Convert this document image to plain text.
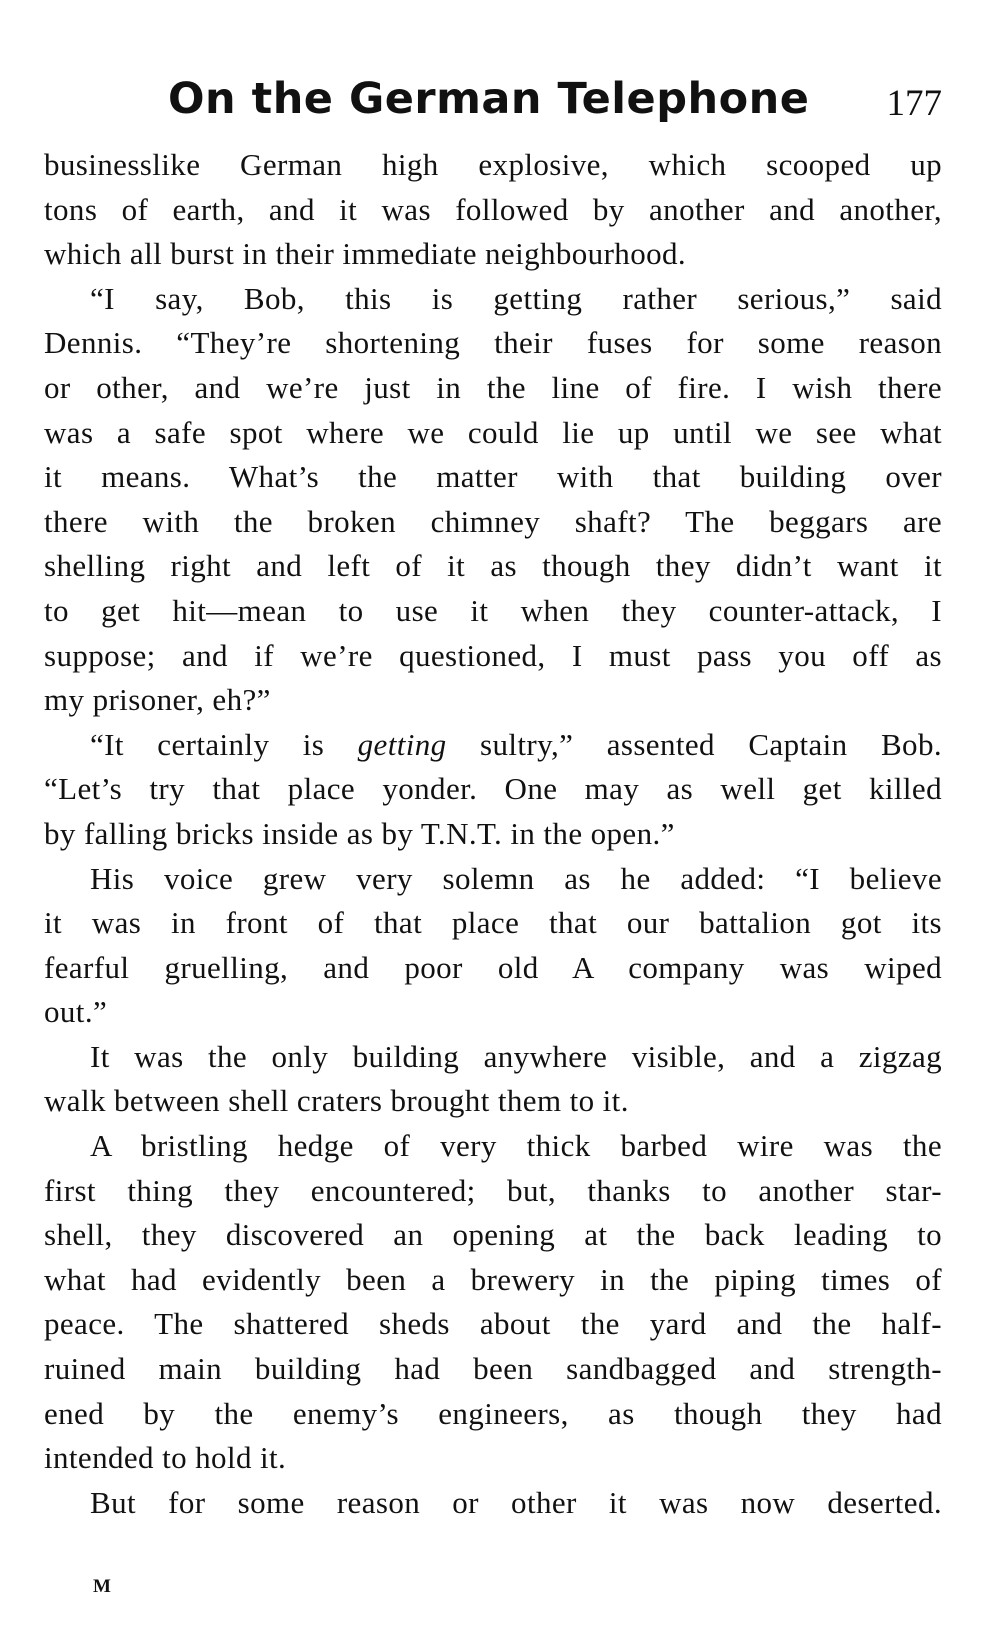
On the German Telephone 177
businesslike German high explosive, which scooped up
tons of earth, and it was followed by another and another,
which all burst in their immediate neighbourhood.
“I say, Bob, this is getting rather serious,” said
Dennis. “They’re shortening their fuses for some reason
or other, and we’re just in the line of fire. I wish there
was a safe spot where we could lie up until we see what
it means. What’s the matter with that building over
there with the broken chimney shaft? The beggars are
shelling right and left of it as though they didn’t want it
to get hit—mean to use it when they counter-attack, I
suppose; and if we’re questioned, I must pass you off as
my prisoner, eh?”
“It certainly is getting sultry,” assented Captain Bob.
“Let’s try that place yonder. One may as well get killed
by falling bricks inside as by T.N.T. in the open.”
His voice grew very solemn as he added: “I believe
it was in front of that place that our battalion got its
fearful gruelling, and poor old A company was wiped
out.”
It was the only building anywhere visible, and a zigzag
walk between shell craters brought them to it.
A bristling hedge of very thick barbed wire was the
first thing they encountered; but, thanks to another star-
shell, they discovered an opening at the back leading to
what had evidently been a brewery in the piping times of
peace. The shattered sheds about the yard and the half-
ruined main building had been sandbagged and strength-
ened by the enemy’s engineers, as though they had
intended to hold it.
But for some reason or other it was now deserted.
M
